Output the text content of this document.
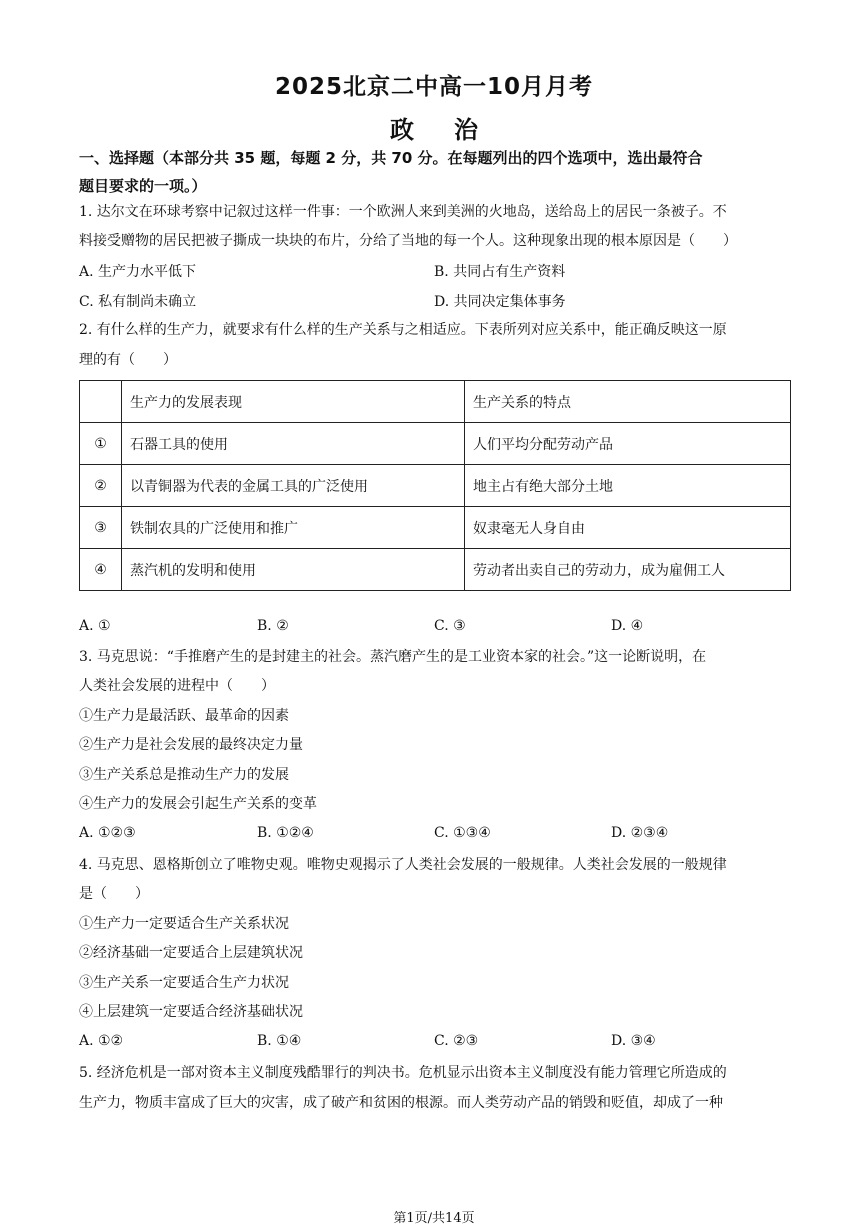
2025北京二中高一10月月考
政治
一、选择题（本部分共 35 题，每题 2 分，共 70 分。在每题列出的四个选项中，选出最符合
题目要求的一项。）
1. 达尔文在环球考察中记叙过这样一件事：一个欧洲人来到美洲的火地岛，送给岛上的居民一条被子。不
料接受赠物的居民把被子撕成一块块的布片，分给了当地的每一个人。这种现象出现的根本原因是（　　）
A. 生产力水平低下	B. 共同占有生产资料
C. 私有制尚未确立	D. 共同决定集体事务
2. 有什么样的生产力，就要求有什么样的生产关系与之相适应。下表所列对应关系中，能正确反映这一原
理的有（　　）
	生产力的发展表现	生产关系的特点
①	石器工具的使用	人们平均分配劳动产品
②	以青铜器为代表的金属工具的广泛使用	地主占有绝大部分土地
③	铁制农具的广泛使用和推广	奴隶毫无人身自由
④	蒸汽机的发明和使用	劳动者出卖自己的劳动力，成为雇佣工人
A. ①	B. ②	C. ③	D. ④
3. 马克思说：“手推磨产生的是封建主的社会。蒸汽磨产生的是工业资本家的社会。”这一论断说明，在
人类社会发展的进程中（　　）
①生产力是最活跃、最革命的因素
②生产力是社会发展的最终决定力量
③生产关系总是推动生产力的发展
④生产力的发展会引起生产关系的变革
A. ①②③	B. ①②④	C. ①③④	D. ②③④
4. 马克思、恩格斯创立了唯物史观。唯物史观揭示了人类社会发展的一般规律。人类社会发展的一般规律
是（　　）
①生产力一定要适合生产关系状况
②经济基础一定要适合上层建筑状况
③生产关系一定要适合生产力状况
④上层建筑一定要适合经济基础状况
A. ①②	B. ①④	C. ②③	D. ③④
5. 经济危机是一部对资本主义制度残酷罪行的判决书。危机显示出资本主义制度没有能力管理它所造成的
生产力，物质丰富成了巨大的灾害，成了破产和贫困的根源。而人类劳动产品的销毁和贬值，却成了一种
第1页/共14页
